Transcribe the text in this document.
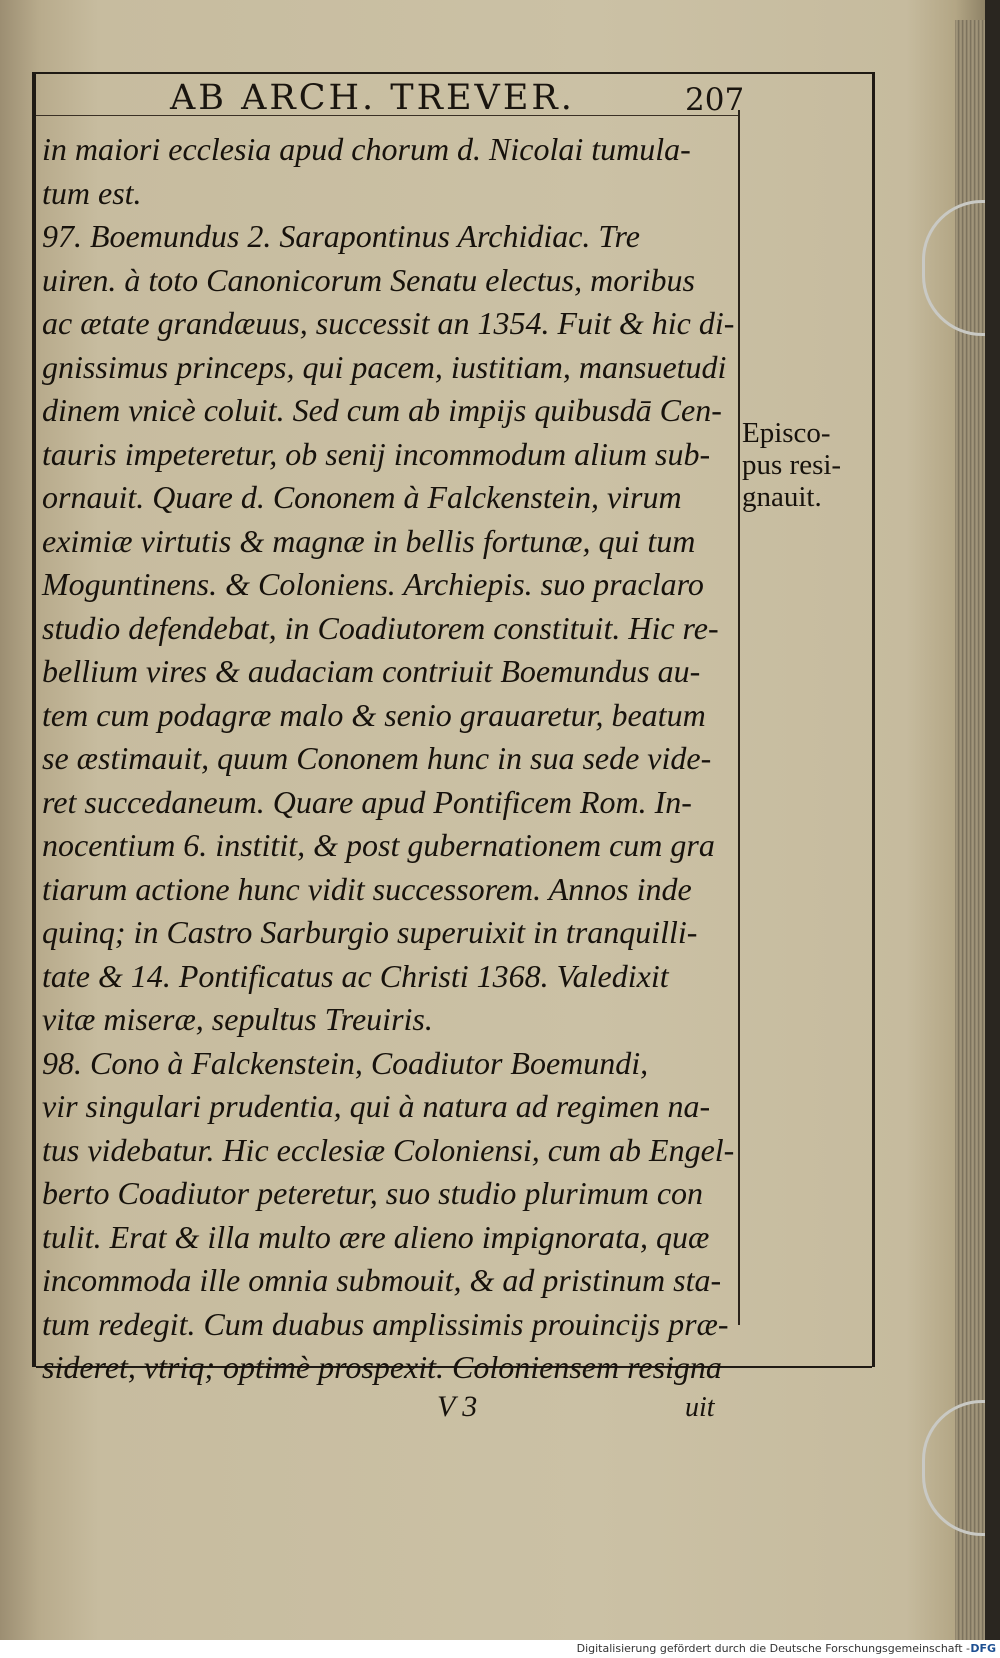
AB ARCH. TREVER.	207
in maiori ecclesia apud chorum d. Nicolai tumula-
tum est.
97. Boemundus 2. Sarapontinus Archidiac. Tre
uiren. à toto Canonicorum Senatu electus, moribus
ac ætate grandæuus, successit an 1354. Fuit & hic di-
gnissimus princeps, qui pacem, iustitiam, mansuetudi
dinem vnicè coluit. Sed cum ab impijs quibusdā Cen-
tauris impeteretur, ob senij incommodum alium sub-
ornauit. Quare d. Cononem à Falckenstein, virum
eximiæ virtutis & magnæ in bellis fortunæ, qui tum
Moguntinens. & Coloniens. Archiepis. suo praclaro
studio defendebat, in Coadiutorem constituit. Hic re-
bellium vires & audaciam contriuit Boemundus au-
tem cum podagræ malo & senio grauaretur, beatum
se æstimauit, quum Cononem hunc in sua sede vide-
ret succedaneum. Quare apud Pontificem Rom. In-
nocentium 6. institit, & post gubernationem cum gra
tiarum actione hunc vidit successorem. Annos inde
quinq; in Castro Sarburgio superuixit in tranquilli-
tate & 14. Pontificatus ac Christi 1368. Valedixit
vitæ miseræ, sepultus Treuiris.
98. Cono à Falckenstein, Coadiutor Boemundi,
vir singulari prudentia, qui à natura ad regimen na-
tus videbatur. Hic ecclesiæ Coloniensi, cum ab Engel-
berto Coadiutor peteretur, suo studio plurimum con
tulit. Erat & illa multo ære alieno impignorata, quæ
incommoda ille omnia submouit, & ad pristinum sta-
tum redegit. Cum duabus amplissimis prouincijs præ-
sideret, vtriq; optimè prospexit. Coloniensem resigna
Episco-
pus resi-
gnauit.
V 3	uit
Digitalisierung gefördert durch die Deutsche Forschungsgemeinschaft - DFG
